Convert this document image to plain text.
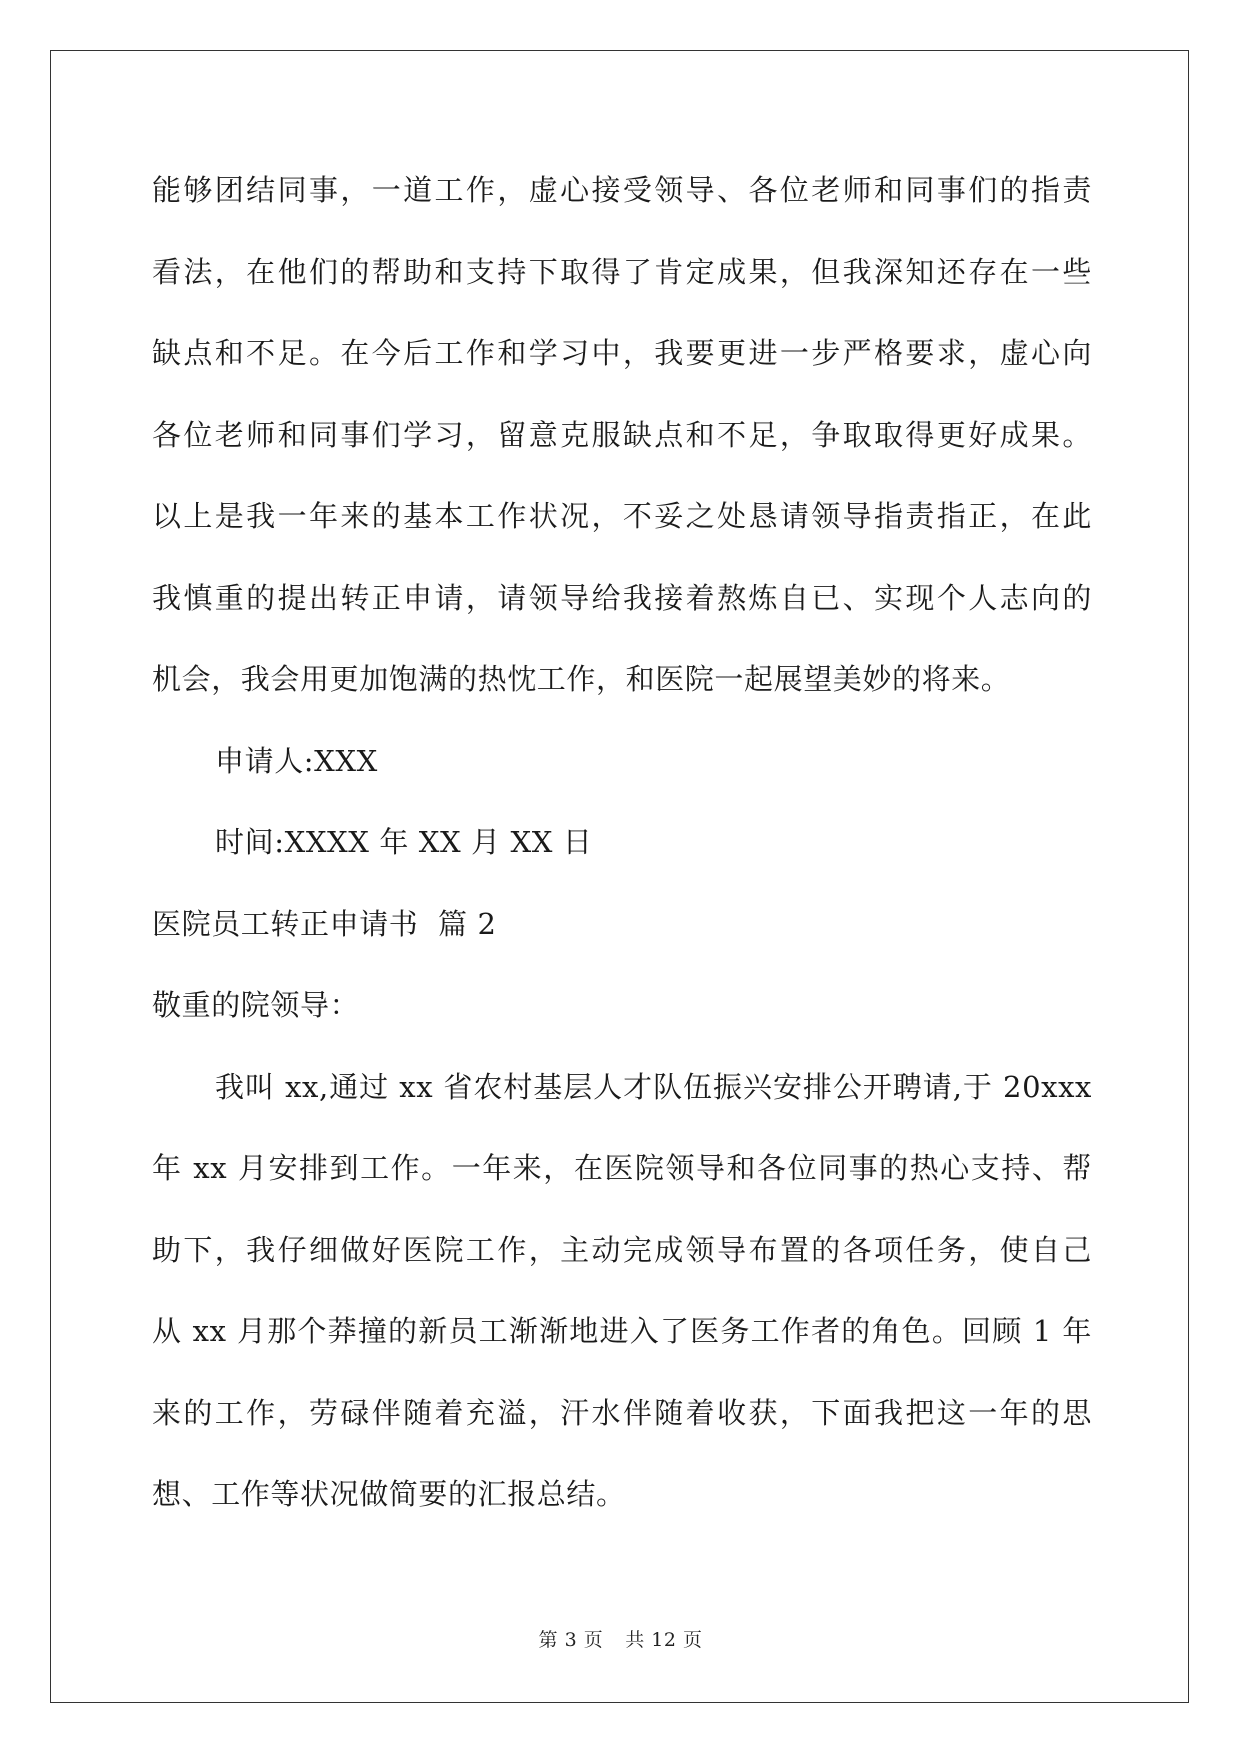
能够团结同事，一道工作，虚心接受领导、各位老师和同事们的指责
看法，在他们的帮助和支持下取得了肯定成果，但我深知还存在一些
缺点和不足。在今后工作和学习中，我要更进一步严格要求，虚心向
各位老师和同事们学习，留意克服缺点和不足，争取取得更好成果。
以上是我一年来的基本工作状况，不妥之处恳请领导指责指正，在此
我慎重的提出转正申请，请领导给我接着熬炼自已、实现个人志向的
机会，我会用更加饱满的热忱工作，和医院一起展望美妙的将来。
申请人:XXX
时间:XXXX 年 XX 月 XX 日
医院员工转正申请书  篇 2
敬重的院领导：
我叫 xx,通过 xx 省农村基层人才队伍振兴安排公开聘请,于 20xxx
年 xx 月安排到工作。一年来，在医院领导和各位同事的热心支持、帮
助下，我仔细做好医院工作，主动完成领导布置的各项任务，使自己
从 xx 月那个莽撞的新员工渐渐地进入了医务工作者的角色。回顾 1 年
来的工作，劳碌伴随着充溢，汗水伴随着收获，下面我把这一年的思
想、工作等状况做简要的汇报总结。
第 3 页 共 12 页
